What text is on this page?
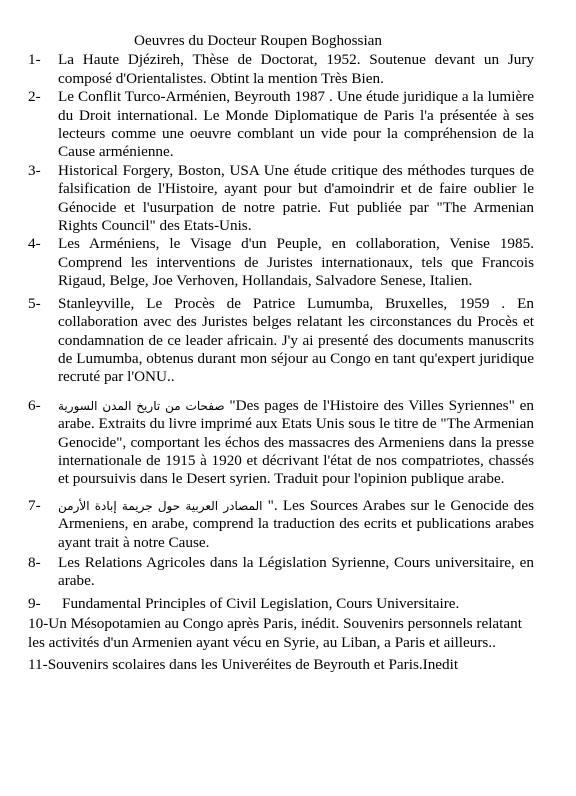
Oeuvres du Docteur Roupen Boghossian
1-	La Haute Djézireh, Thèse de Doctorat, 1952. Soutenue devant un Jury composé d'Orientalistes. Obtint la mention Très Bien.
2-	Le Conflit Turco-Arménien, Beyrouth 1987 . Une étude juridique a la lumière du Droit international. Le Monde Diplomatique de Paris l'a présentée à ses lecteurs comme une oeuvre comblant un vide pour la compréhension de la Cause arménienne.
3-	Historical Forgery, Boston, USA Une étude critique des méthodes turques de falsification de l'Histoire, ayant pour but d'amoindrir et de faire oublier le Génocide et l'usurpation de notre patrie. Fut publiée par "The Armenian Rights Council" des Etats-Unis.
4-	Les Arméniens, le Visage d'un Peuple, en collaboration, Venise 1985. Comprend les interventions de Juristes internationaux, tels que Francois Rigaud, Belge, Joe Verhoven, Hollandais, Salvadore Senese, Italien.
5-	Stanleyville, Le Procès de Patrice Lumumba, Bruxelles, 1959 . En collaboration avec des Juristes belges relatant les circonstances du Procès et condamnation de ce leader africain. J'y ai presenté des documents manuscrits de Lumumba, obtenus durant mon séjour au Congo en tant qu'expert juridique recruté par l'ONU..
6-	صفحات من تاريخ المدن السورية "Des pages de l'Histoire des Villes Syriennes" en arabe. Extraits du livre imprimé aux Etats Unis sous le titre de "The Armenian Genocide", comportant les échos des massacres des Armeniens dans la presse internationale de 1915 à 1920 et décrivant l'état de nos compatriotes, chassés et poursuivis dans le Desert syrien. Traduit pour l'opinion publique arabe.
7-	المصادر العربية حول جريمة إبادة الأرمن ". Les Sources Arabes sur le Genocide des Armeniens, en arabe, comprend la traduction des ecrits et publications arabes ayant trait à notre Cause.
8-	Les Relations Agricoles dans la Législation Syrienne, Cours universitaire, en arabe.
9-	Fundamental Principles of Civil Legislation, Cours Universitaire.
10-Un Mésopotamien au Congo après Paris, inédit. Souvenirs personnels relatant les activités d'un Armenien ayant vécu en Syrie, au Liban, a Paris et ailleurs..
11-Souvenirs scolaires dans les Univeréites de Beyrouth et Paris.Inedit
